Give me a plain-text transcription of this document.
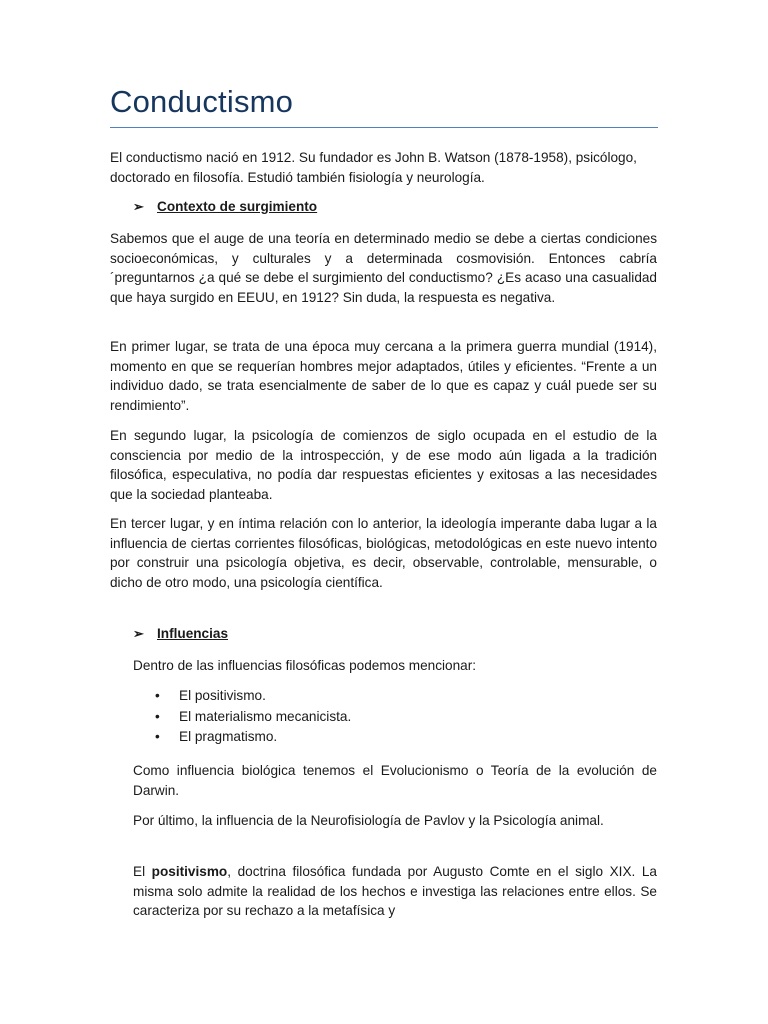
Conductismo
El conductismo nació en 1912. Su fundador es John B. Watson (1878-1958), psicólogo, doctorado en filosofía. Estudió también fisiología y neurología.
➢ Contexto de surgimiento
Sabemos que el auge de una teoría en determinado medio se debe a ciertas condiciones socioeconómicas, y culturales y a determinada cosmovisión. Entonces cabría ´preguntarnos ¿a qué se debe el surgimiento del conductismo? ¿Es acaso una casualidad que haya surgido en EEUU, en 1912? Sin duda, la respuesta es negativa.
En primer lugar, se trata de una época muy cercana a la primera guerra mundial (1914), momento en que se requerían hombres mejor adaptados, útiles y eficientes. “Frente a un individuo dado, se trata esencialmente de saber de lo que es capaz y cuál puede ser su rendimiento”.
En segundo lugar, la psicología de comienzos de siglo ocupada en el estudio de la consciencia por medio de la introspección, y de ese modo aún ligada a la tradición filosófica, especulativa, no podía dar respuestas eficientes y exitosas a las necesidades que la sociedad planteaba.
En tercer lugar, y en íntima relación con lo anterior, la ideología imperante daba lugar a la influencia de ciertas corrientes filosóficas, biológicas, metodológicas en este nuevo intento por construir una psicología objetiva, es decir, observable, controlable, mensurable, o dicho de otro modo, una psicología científica.
➢ Influencias
Dentro de las influencias filosóficas podemos mencionar:
• El positivismo.
• El materialismo mecanicista.
• El pragmatismo.
Como influencia biológica tenemos el Evolucionismo o Teoría de la evolución de Darwin.
Por último, la influencia de la Neurofisiología de Pavlov y la Psicología animal.
El positivismo, doctrina filosófica fundada por Augusto Comte en el siglo XIX. La misma solo admite la realidad de los hechos e investiga las relaciones entre ellos. Se caracteriza por su rechazo a la metafísica y
